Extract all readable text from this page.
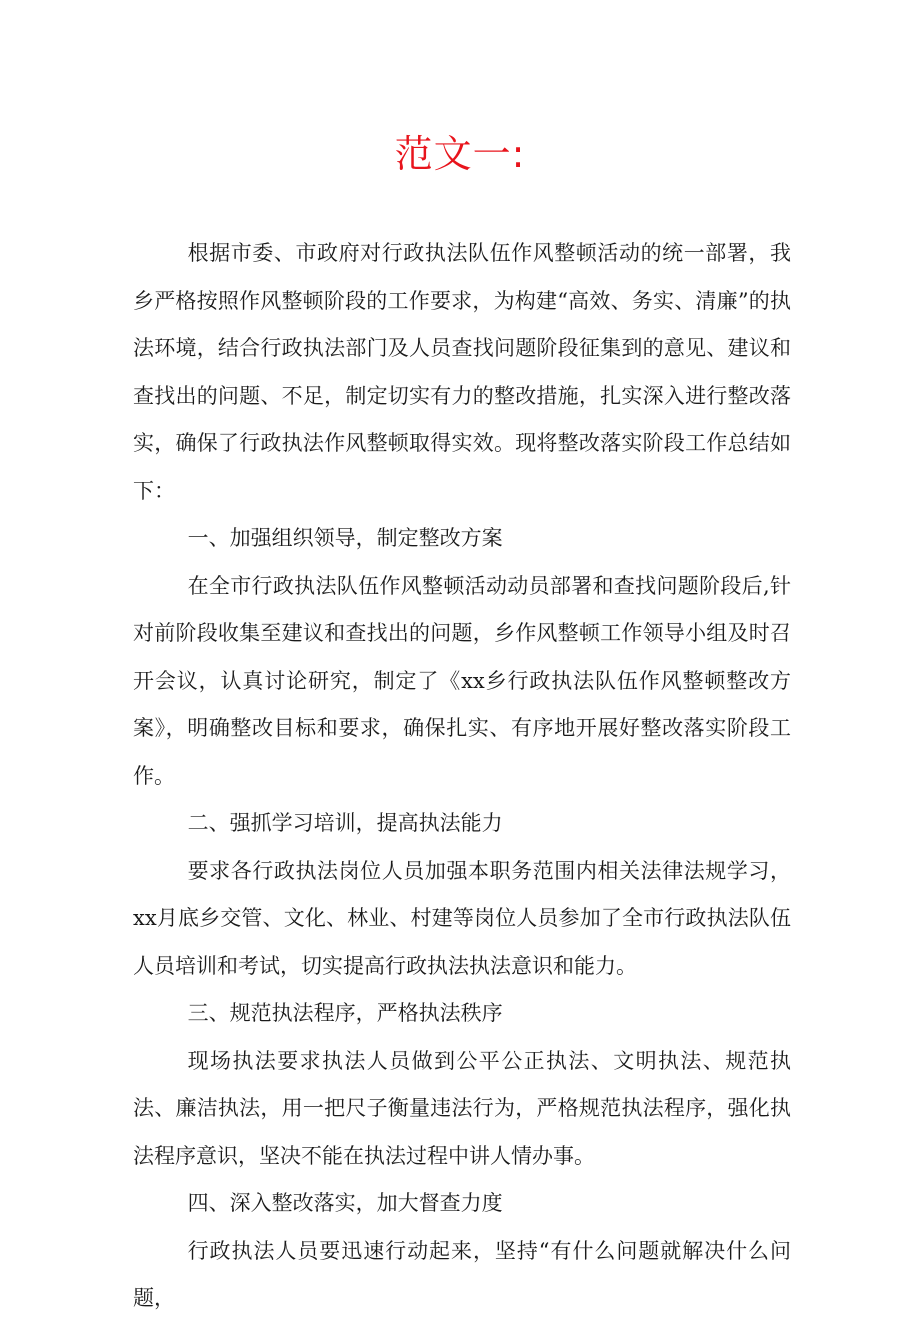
范文一:

根据市委、市政府对行政执法队伍作风整顿活动的统一部署，我乡严格按照作风整顿阶段的工作要求，为构建“高效、务实、清廉”的执法环境，结合行政执法部门及人员查找问题阶段征集到的意见、建议和查找出的问题、不足，制定切实有力的整改措施，扎实深入进行整改落实，确保了行政执法作风整顿取得实效。现将整改落实阶段工作总结如下：

一、加强组织领导，制定整改方案

在全市行政执法队伍作风整顿活动动员部署和查找问题阶段后,针对前阶段收集至建议和查找出的问题，乡作风整顿工作领导小组及时召开会议，认真讨论研究，制定了《xx乡行政执法队伍作风整顿整改方案》，明确整改目标和要求，确保扎实、有序地开展好整改落实阶段工作。

二、强抓学习培训，提高执法能力

要求各行政执法岗位人员加强本职务范围内相关法律法规学习，xx月底乡交管、文化、林业、村建等岗位人员参加了全市行政执法队伍人员培训和考试，切实提高行政执法执法意识和能力。

三、规范执法程序，严格执法秩序

现场执法要求执法人员做到公平公正执法、文明执法、规范执法、廉洁执法，用一把尺子衡量违法行为，严格规范执法程序，强化执法程序意识，坚决不能在执法过程中讲人情办事。

四、深入整改落实，加大督查力度

行政执法人员要迅速行动起来，坚持“有什么问题就解决什么问题，
